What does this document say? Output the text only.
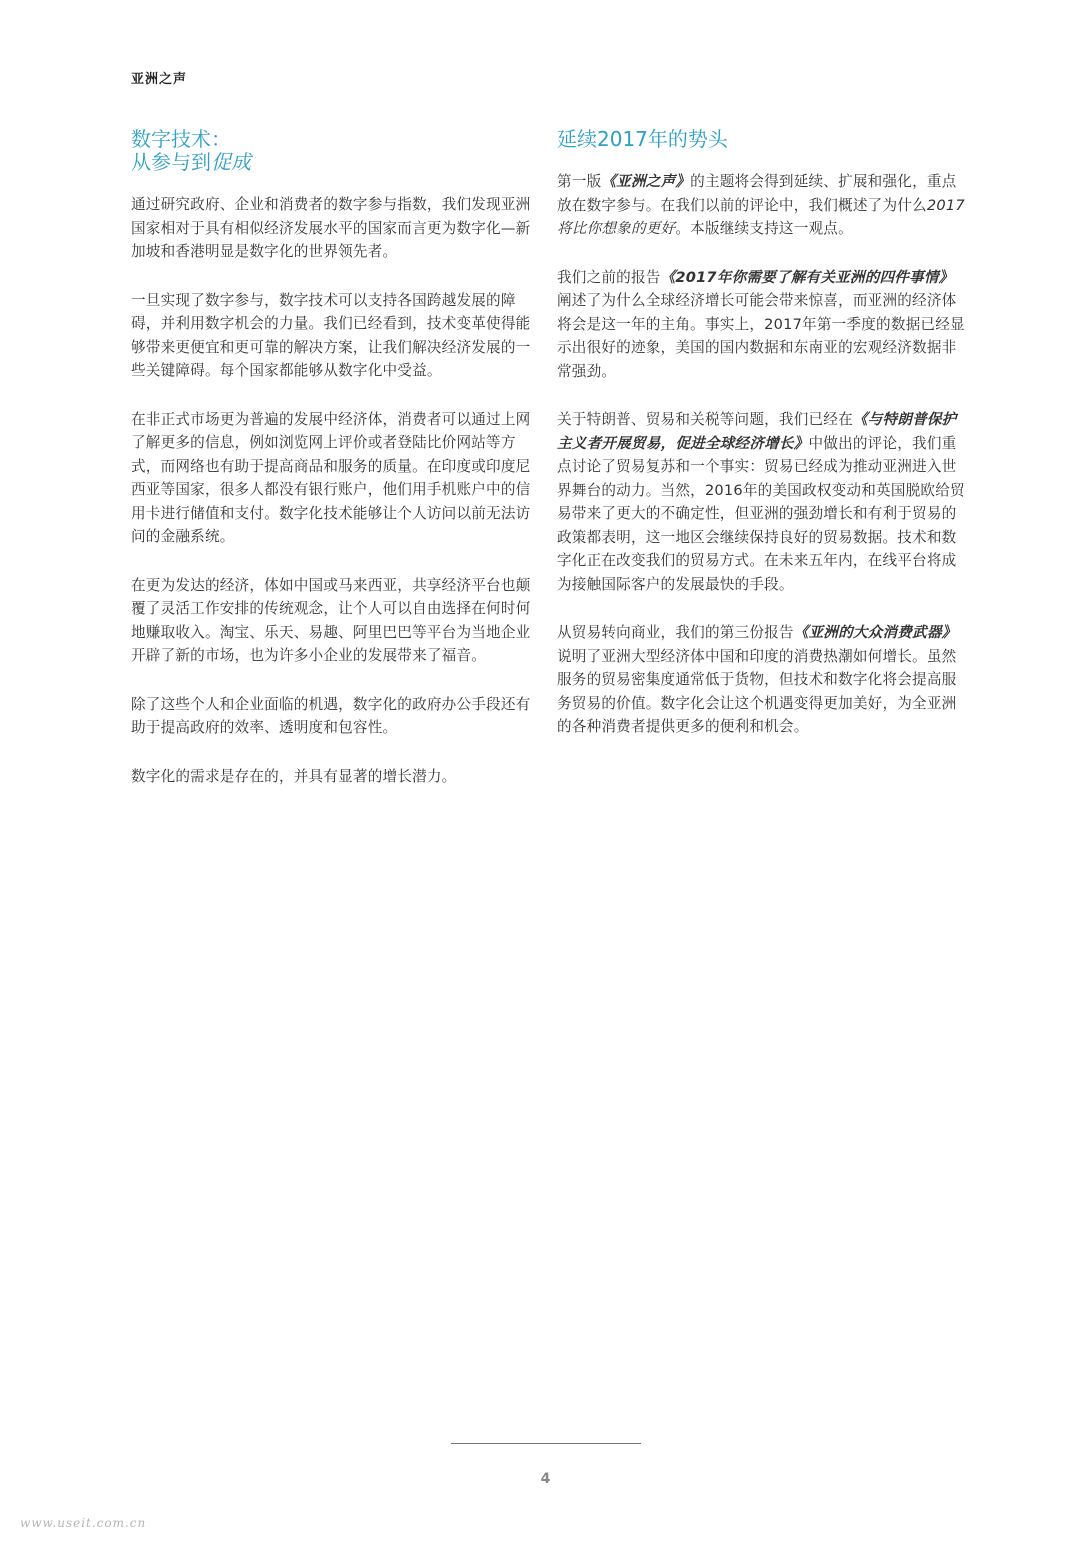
亚洲之声
数字技术：
从参与到促成

通过研究政府、企业和消费者的数字参与指数，我们发现亚洲国家相对于具有相似经济发展水平的国家而言更为数字化—新加坡和香港明显是数字化的世界领先者。

一旦实现了数字参与，数字技术可以支持各国跨越发展的障碍，并利用数字机会的力量。我们已经看到，技术变革使得能够带来更便宜和更可靠的解决方案，让我们解决经济发展的一些关键障碍。每个国家都能够从数字化中受益。

在非正式市场更为普遍的发展中经济体，消费者可以通过上网了解更多的信息，例如浏览网上评价或者登陆比价网站等方式，而网络也有助于提高商品和服务的质量。在印度或印度尼西亚等国家，很多人都没有银行账户，他们用手机账户中的信用卡进行储值和支付。数字化技术能够让个人访问以前无法访问的金融系统。

在更为发达的经济，体如中国或马来西亚，共享经济平台也颠覆了灵活工作安排的传统观念，让个人可以自由选择在何时何地赚取收入。淘宝、乐天、易趣、阿里巴巴等平台为当地企业开辟了新的市场，也为许多小企业的发展带来了福音。

除了这些个人和企业面临的机遇，数字化的政府办公手段还有助于提高政府的效率、透明度和包容性。

数字化的需求是存在的，并具有显著的增长潜力。

延续2017年的势头

第一版《亚洲之声》的主题将会得到延续、扩展和强化，重点放在数字参与。在我们以前的评论中，我们概述了为什么2017将比你想象的更好。本版继续支持这一观点。

我们之前的报告《2017年你需要了解有关亚洲的四件事情》阐述了为什么全球经济增长可能会带来惊喜，而亚洲的经济体将会是这一年的主角。事实上，2017年第一季度的数据已经显示出很好的迹象，美国的国内数据和东南亚的宏观经济数据非常强劲。

关于特朗普、贸易和关税等问题，我们已经在《与特朗普保护主义者开展贸易，促进全球经济增长》中做出的评论，我们重点讨论了贸易复苏和一个事实：贸易已经成为推动亚洲进入世界舞台的动力。当然，2016年的美国政权变动和英国脱欧给贸易带来了更大的不确定性，但亚洲的强劲增长和有利于贸易的政策都表明，这一地区会继续保持良好的贸易数据。技术和数字化正在改变我们的贸易方式。在未来五年内，在线平台将成为接触国际客户的发展最快的手段。

从贸易转向商业，我们的第三份报告《亚洲的大众消费武器》说明了亚洲大型经济体中国和印度的消费热潮如何增长。虽然服务的贸易密集度通常低于货物，但技术和数字化将会提高服务贸易的价值。数字化会让这个机遇变得更加美好，为全亚洲的各种消费者提供更多的便利和机会。

4
www.useit.com.cn
